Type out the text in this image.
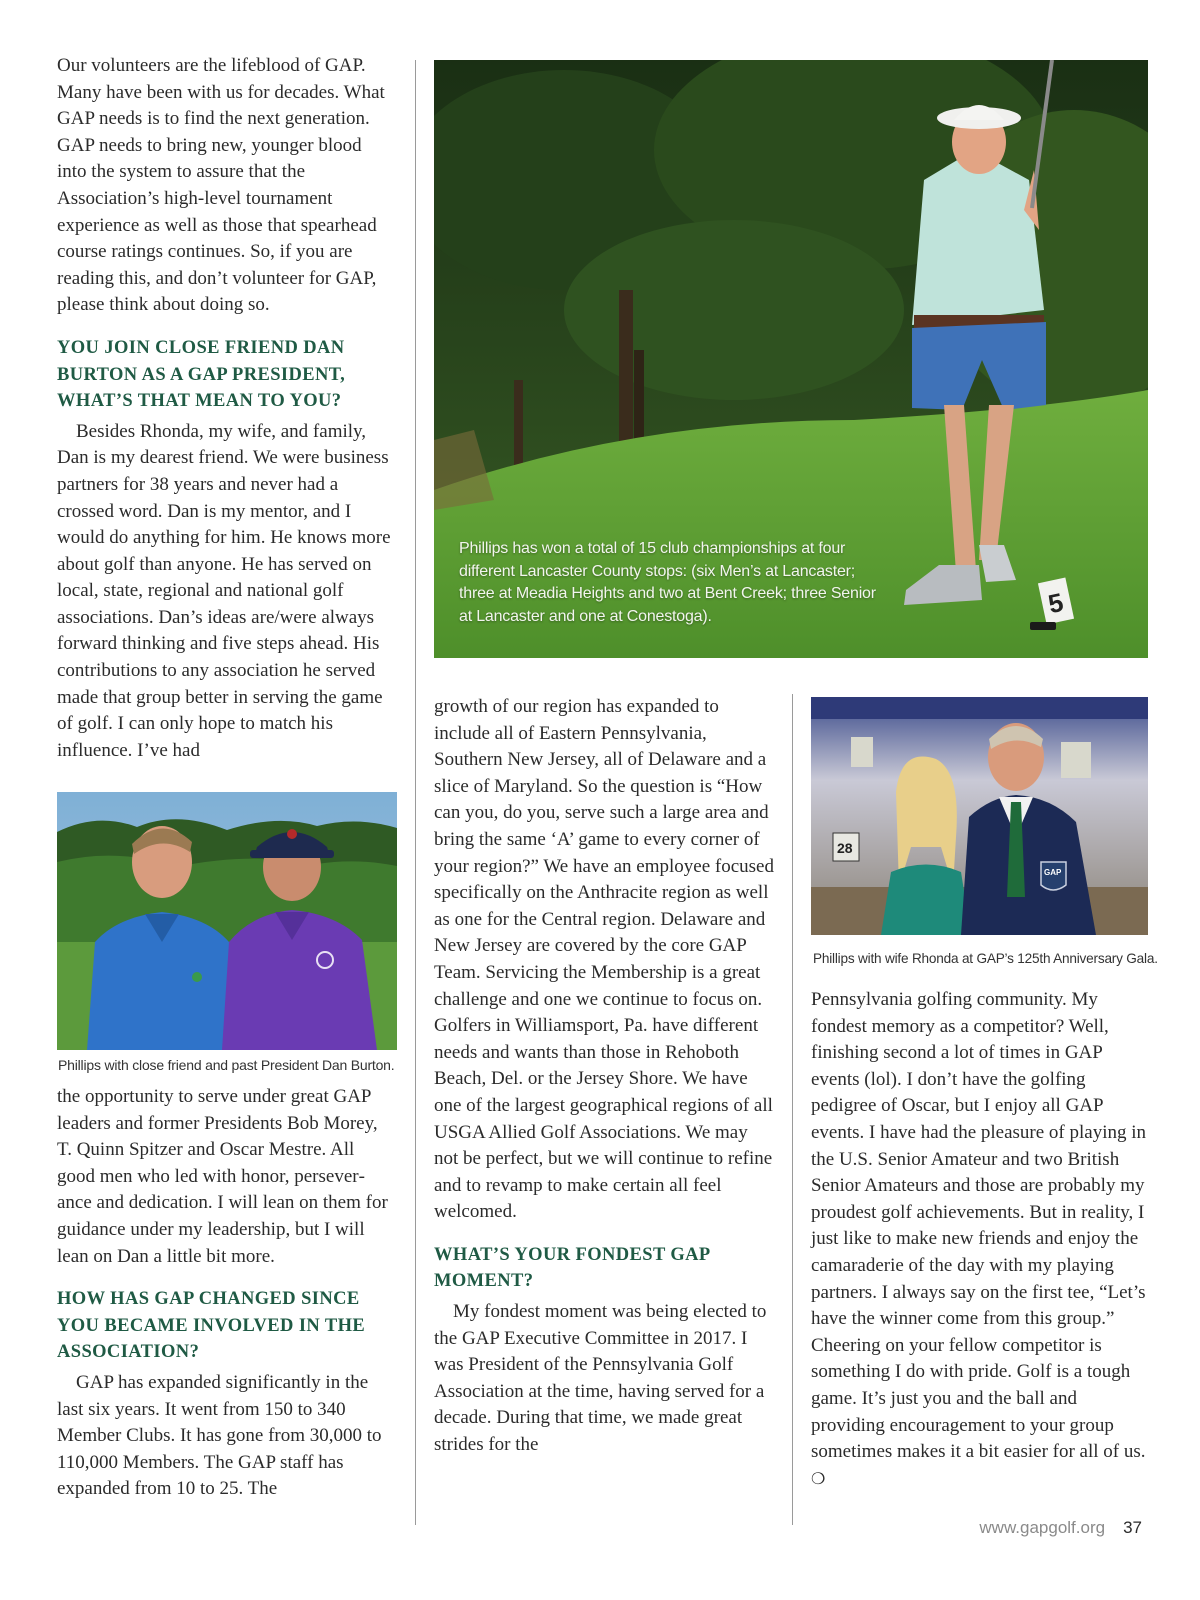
Our volunteers are the lifeblood of GAP. Many have been with us for decades. What GAP needs is to find the next generation. GAP needs to bring new, younger blood into the system to assure that the Association’s high-level tournament experience as well as those that spearhead course ratings continues. So, if you are reading this, and don’t volunteer for GAP, please think about doing so.

YOU JOIN CLOSE FRIEND DAN BURTON AS A GAP PRESIDENT, WHAT’S THAT MEAN TO YOU?

Besides Rhonda, my wife, and family, Dan is my dearest friend. We were business partners for 38 years and never had a crossed word. Dan is my mentor, and I would do anything for him. He knows more about golf than anyone. He has served on local, state, regional and national golf associations. Dan’s ideas are/were always forward thinking and five steps ahead. His contributions to any association he served made that group better in serving the game of golf. I can only hope to match his influence. I’ve had

Phillips with close friend and past President Dan Burton.

the opportunity to serve under great GAP leaders and former Presidents Bob Morey, T. Quinn Spitzer and Oscar Mestre. All good men who led with honor, perseverance and dedication. I will lean on them for guidance under my leadership, but I will lean on Dan a little bit more.

HOW HAS GAP CHANGED SINCE YOU BECAME INVOLVED IN THE ASSOCIATION?

GAP has expanded significantly in the last six years. It went from 150 to 340 Member Clubs. It has gone from 30,000 to 110,000 Members. The GAP staff has expanded from 10 to 25. The

5
Phillips has won a total of 15 club championships at four different Lancaster County stops: (six Men’s at Lancaster; three at Meadia Heights and two at Bent Creek; three Senior at Lancaster and one at Conestoga).

growth of our region has expanded to include all of Eastern Pennsylvania, Southern New Jersey, all of Delaware and a slice of Maryland. So the question is “How can you, do you, serve such a large area and bring the same ‘A’ game to every corner of your region?” We have an employee focused specifically on the Anthracite region as well as one for the Central region. Delaware and New Jersey are covered by the core GAP Team. Servicing the Membership is a great challenge and one we continue to focus on. Golfers in Williamsport, Pa. have different needs and wants than those in Rehoboth Beach, Del. or the Jersey Shore. We have one of the largest geographical regions of all USGA Allied Golf Associations. We may not be perfect, but we will continue to refine and to revamp to make certain all feel welcomed.

WHAT’S YOUR FONDEST GAP MOMENT?

My fondest moment was being elected to the GAP Executive Committee in 2017. I was President of the Pennsylvania Golf Association at the time, having served for a decade. During that time, we made great strides for the

28
GAP

Phillips with wife Rhonda at GAP’s 125th Anniversary Gala.

Pennsylvania golfing community. My fondest memory as a competitor? Well, finishing second a lot of times in GAP events (lol). I don’t have the golfing pedigree of Oscar, but I enjoy all GAP events. I have had the pleasure of playing in the U.S. Senior Amateur and two British Senior Amateurs and those are probably my proudest golf achievements. But in reality, I just like to make new friends and enjoy the camaraderie of the day with my playing partners. I always say on the first tee, “Let’s have the winner come from this group.” Cheering on your fellow competitor is something I do with pride. Golf is a tough game. It’s just you and the ball and providing encouragement to your group sometimes makes it a bit easier for all of us. ❍

www.gapgolf.org 37
